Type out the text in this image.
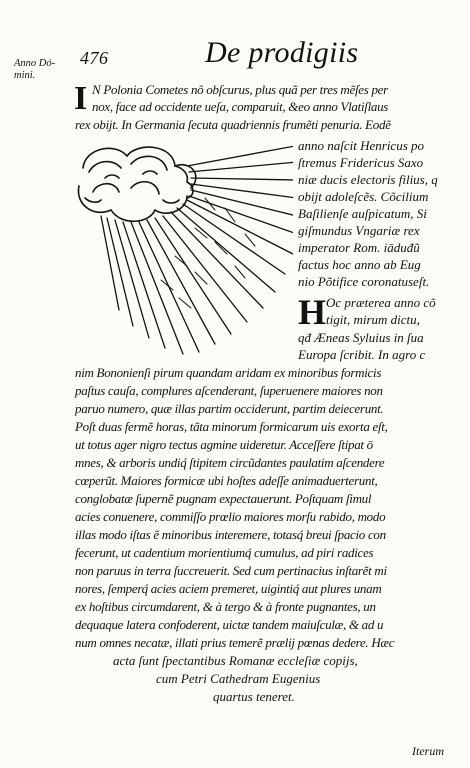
Anno Dó-
mini.
476	De prodigiis
I N Polonia Cometes nô obſcurus, plus quã per tres mẽſes per
nox, face ad occidente ueſa, comparuit, &eo anno Vlatiſlaus
rex obijt. In Germania ſecuta quadriennis frumẽti penuria. Eodẽ
anno naſcit Henricus po
ſtremus Fridericus Saxo
niæ ducis electoris filius, q
obijt adoleſcẽs. Cõcilium
Baſilienſe auſpicatum, Si
giſmundus Vngariæ rex
imperator Rom. iāduđũ
factus hoc anno ab Eug
nio Põtifice coronatuseſt.
H Oc præterea anno cõ
tigit, mirum dictu,
qđ Æneas Syluius in ſua
Europa ſcribit. In agro c
nim Bononienſi pirum quandam aridam ex minoribus formicis
paſtus cauſa, complures aſcenderant, ſuperuenere maiores non
paruo numero, quæ illas partim occiderunt, partim deiecerunt.
Poſt duas fermẽ horas, tãta minorum formicarum uis exorta eſt,
ut totus ager nigro tectus agmine uideretur. Acceſſere ſtipat ō
mnes, & arboris undiq́ ſtipitem circũdantes paulatim aſcendere
cœperũt. Maiores formicæ ubi hoſtes adeſſe animaduerterunt,
conglobatæ ſupernẽ pugnam expectauerunt. Poſtquam ſimul
acies conuenere, commiſſo prœlio maiores morſu rabido, modo
illas modo iſtas ẽ minoribus interemere, totasq́ breui ſpacio con
fecerunt, ut cadentium morientiumq́ cumulus, ad piri radices
non paruus in terra ſuccreuerit. Sed cum pertinacius inſtarẽt mi
nores, ſemperq́ acies aciem premeret, uigintiq́ aut plures unam
ex hoſtibus circumdarent, & à tergo & à fronte pugnantes, un
dequaque latera confoderent, uictæ tandem maiuſculæ, & ad u
num omnes necatæ, illati prius temerẽ prælij pœnas dedere. Hæc
acta ſunt ſpectantibus Romanæ eccleſiæ copijs,
cum Petri Cathedram Eugenius
quartus teneret.
Iterum
